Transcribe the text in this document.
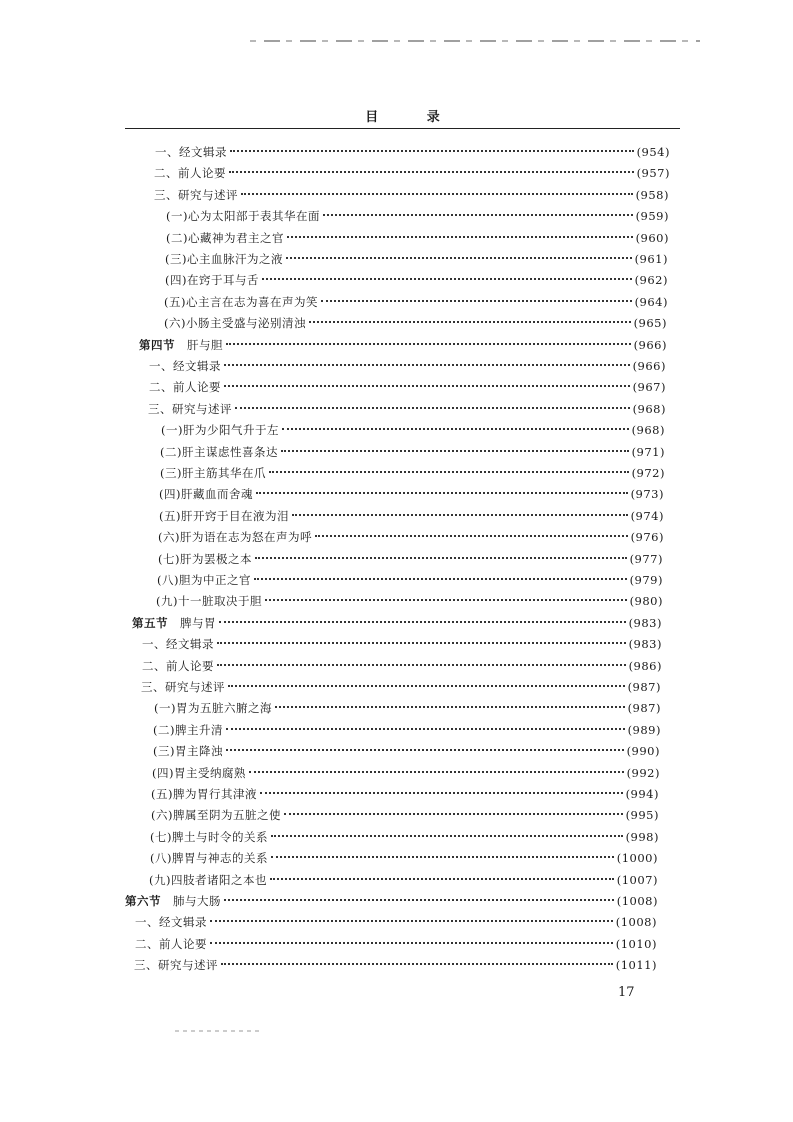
目 录
一、经文辑录	(954)
二、前人论要	(957)
三、研究与述评	(958)
(一)心为太阳部于表其华在面	(959)
(二)心藏神为君主之官	(960)
(三)心主血脉汗为之液	(961)
(四)在窍于耳与舌	(962)
(五)心主言在志为喜在声为笑	(964)
(六)小肠主受盛与泌别清浊	(965)
第四节 肝与胆	(966)
一、经文辑录	(966)
二、前人论要	(967)
三、研究与述评	(968)
(一)肝为少阳气升于左	(968)
(二)肝主谋虑性喜条达	(971)
(三)肝主筋其华在爪	(972)
(四)肝藏血而舍魂	(973)
(五)肝开窍于目在液为泪	(974)
(六)肝为语在志为怒在声为呼	(976)
(七)肝为罢极之本	(977)
(八)胆为中正之官	(979)
(九)十一脏取决于胆	(980)
第五节 脾与胃	(983)
一、经文辑录	(983)
二、前人论要	(986)
三、研究与述评	(987)
(一)胃为五脏六腑之海	(987)
(二)脾主升清	(989)
(三)胃主降浊	(990)
(四)胃主受纳腐熟	(992)
(五)脾为胃行其津液	(994)
(六)脾属至阴为五脏之使	(995)
(七)脾土与时令的关系	(998)
(八)脾胃与神志的关系	(1000)
(九)四肢者诸阳之本也	(1007)
第六节 肺与大肠	(1008)
一、经文辑录	(1008)
二、前人论要	(1010)
三、研究与述评	(1011)
17
